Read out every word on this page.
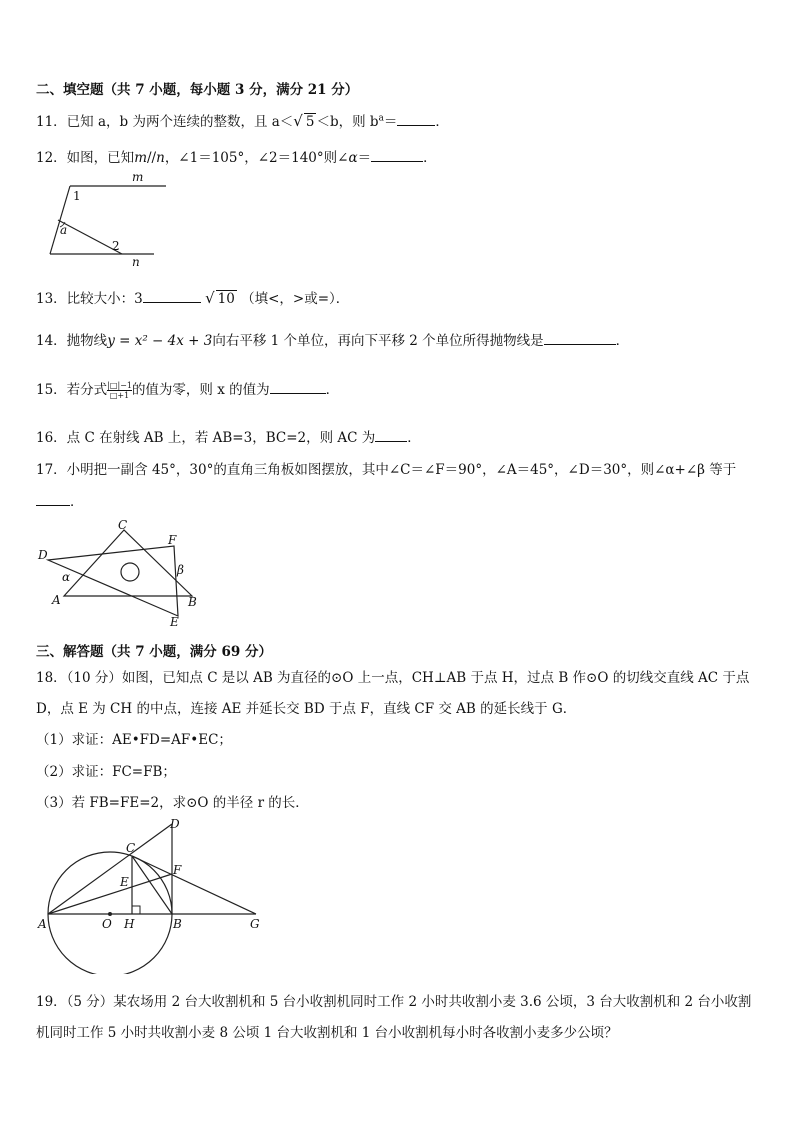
二、填空题（共 7 小题，每小题 3 分，满分 21 分）
11．已知 a，b 为两个连续的整数，且 a＜√ 5 ＜b，则 $b^a=$	．
12．如图，已知m//n，∠1＝105°，∠2＝140°则∠α＝	．
m
n
1
2
a
13．比较大小：3	√ 10 （填<，>或=）．
14．抛物线y = x² − 4x + 3向右平移 1 个单位，再向下平移 2 个单位所得抛物线是	．
15．若分式 $\frac{|□|-1}{□+1}$ 的值为零，则 x 的值为	．
16．点 C 在射线 AB 上，若 AB=3，BC=2，则 AC 为 ．
17．小明把一副含 45°，30°的直角三角板如图摆放，其中∠C＝∠F＝90°，∠A＝45°，∠D＝30°，则∠α+∠β 等于
．
C
D
F
α	β
A	B
E
三、解答题（共 7 小题，满分 69 分）
18．（10 分）如图，已知点 C 是以 AB 为直径的⊙O 上一点，CH⊥AB 于点 H，过点 B 作⊙O 的切线交直线 AC 于点
D，点 E 为 CH 的中点，连接 AE 并延长交 BD 于点 F，直线 CF 交 AB 的延长线于 G．
（1）求证：AE•FD=AF•EC；
（2）求证：FC=FB；
（3）若 FB=FE=2，求⊙O 的半径 r 的长．
D
C
F
E
A	O H	B	G
19．（5 分）某农场用 2 台大收割机和 5 台小收割机同时工作 2 小时共收割小麦 3.6 公顷，3 台大收割机和 2 台小收割
机同时工作 5 小时共收割小麦 8 公顷 1 台大收割机和 1 台小收割机每小时各收割小麦多少公顷？
